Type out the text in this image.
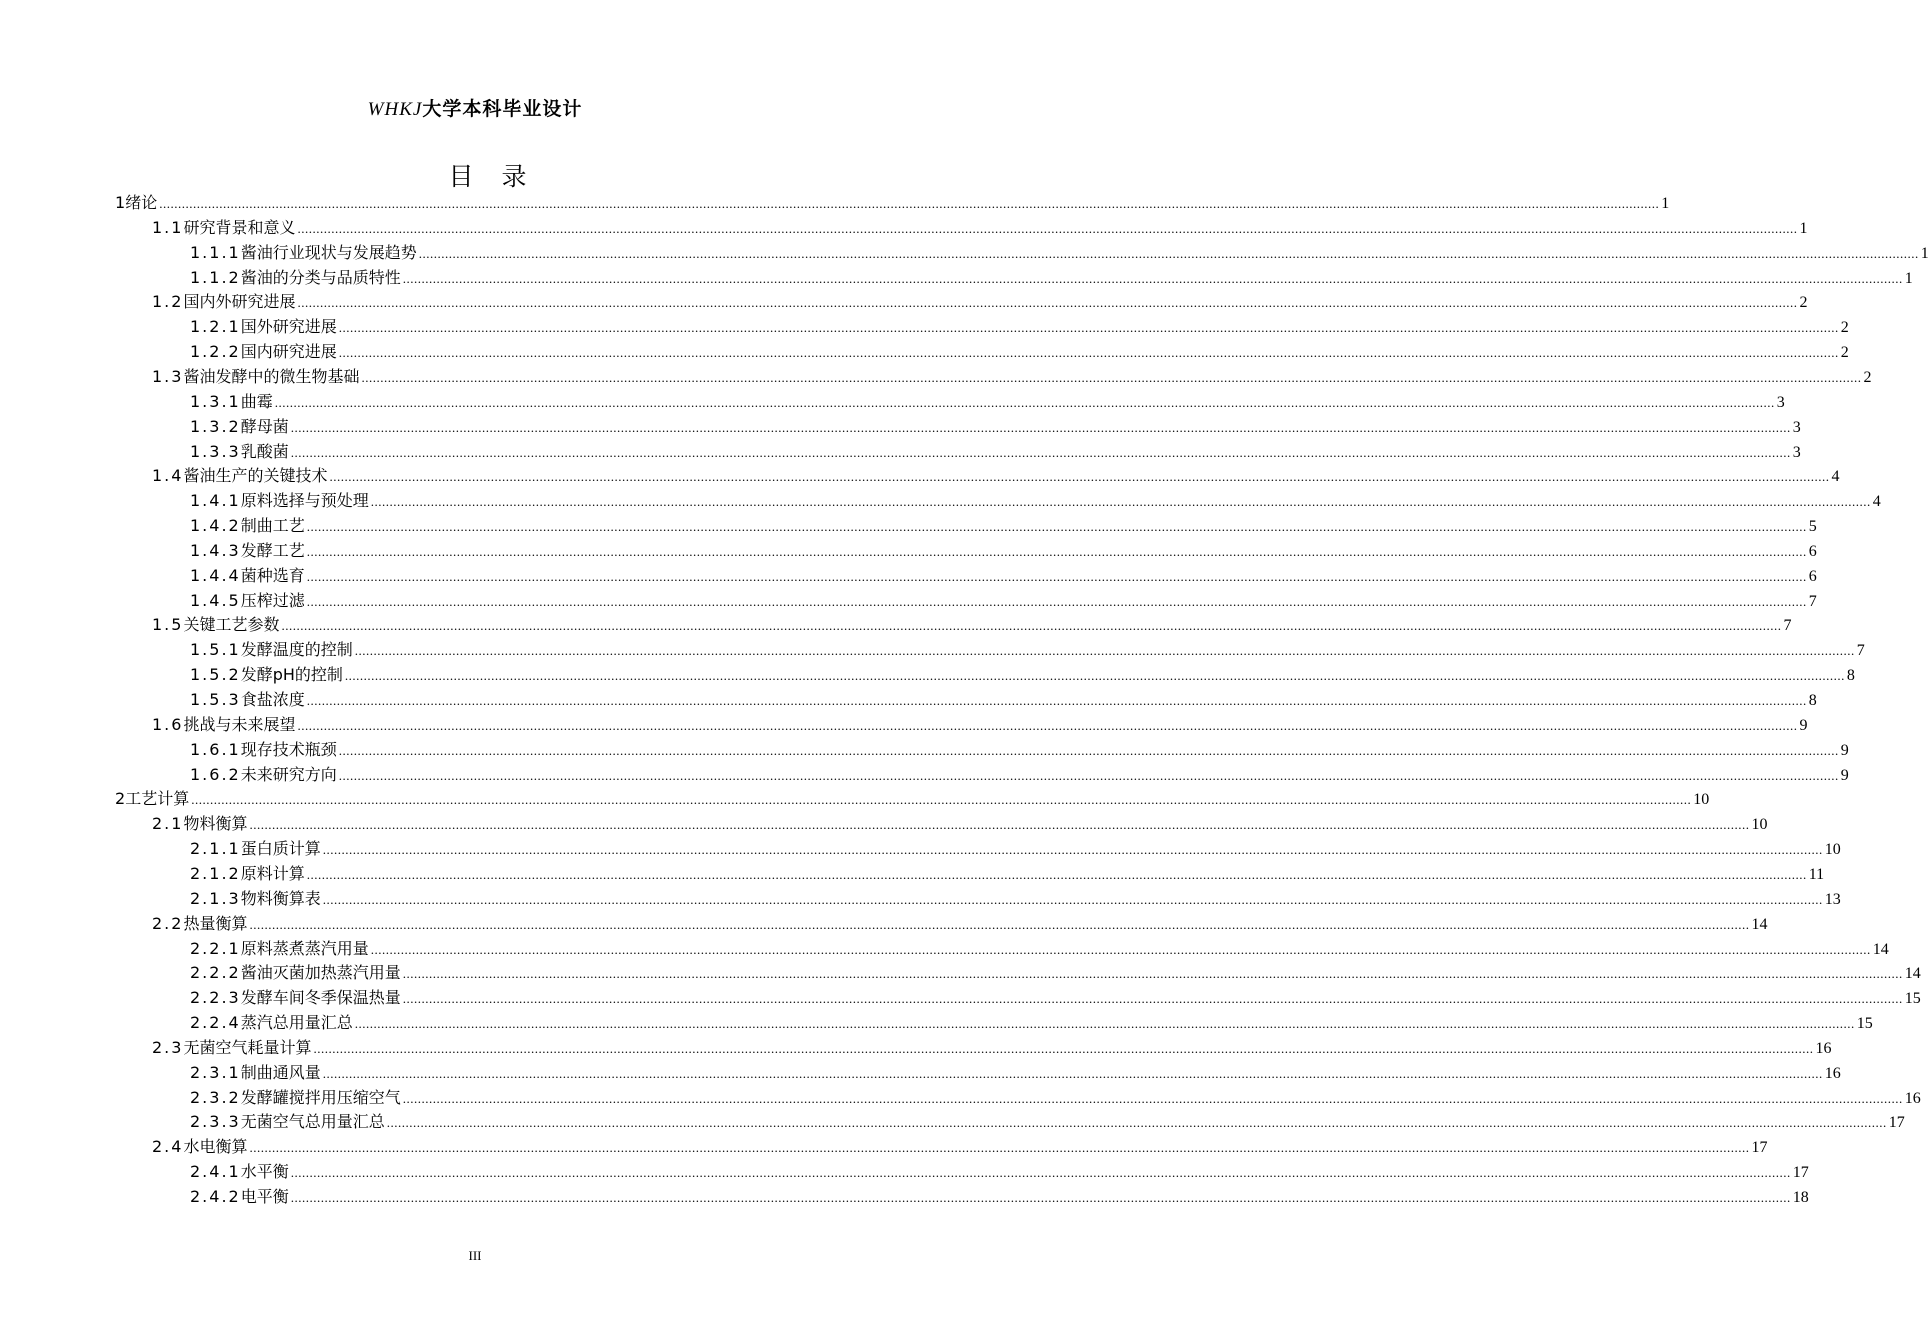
WHKJ大学本科毕业设计
目 录
1 绪论 ................................................................................................................................................................................................................................................................................................................................................................................................................ 1
1.1 研究背景和意义 ................................................................................................................................................................................................................................................................................................................................................................................................................ 1
1.1.1 酱油行业现状与发展趋势 ................................................................................................................................................................................................................................................................................................................................................................................................................ 1
1.1.2 酱油的分类与品质特性 ................................................................................................................................................................................................................................................................................................................................................................................................................ 1
1.2 国内外研究进展 ................................................................................................................................................................................................................................................................................................................................................................................................................ 2
1.2.1 国外研究进展 ................................................................................................................................................................................................................................................................................................................................................................................................................ 2
1.2.2 国内研究进展 ................................................................................................................................................................................................................................................................................................................................................................................................................ 2
1.3 酱油发酵中的微生物基础 ................................................................................................................................................................................................................................................................................................................................................................................................................ 2
1.3.1 曲霉 ................................................................................................................................................................................................................................................................................................................................................................................................................ 3
1.3.2 酵母菌 ................................................................................................................................................................................................................................................................................................................................................................................................................ 3
1.3.3 乳酸菌 ................................................................................................................................................................................................................................................................................................................................................................................................................ 3
1.4 酱油生产的关键技术 ................................................................................................................................................................................................................................................................................................................................................................................................................ 4
1.4.1 原料选择与预处理 ................................................................................................................................................................................................................................................................................................................................................................................................................ 4
1.4.2 制曲工艺 ................................................................................................................................................................................................................................................................................................................................................................................................................ 5
1.4.3 发酵工艺 ................................................................................................................................................................................................................................................................................................................................................................................................................ 6
1.4.4 菌种选育 ................................................................................................................................................................................................................................................................................................................................................................................................................ 6
1.4.5 压榨过滤 ................................................................................................................................................................................................................................................................................................................................................................................................................ 7
1.5 关键工艺参数 ................................................................................................................................................................................................................................................................................................................................................................................................................ 7
1.5.1 发酵温度的控制 ................................................................................................................................................................................................................................................................................................................................................................................................................ 7
1.5.2 发酵pH的控制 ................................................................................................................................................................................................................................................................................................................................................................................................................ 8
1.5.3 食盐浓度 ................................................................................................................................................................................................................................................................................................................................................................................................................ 8
1.6 挑战与未来展望 ................................................................................................................................................................................................................................................................................................................................................................................................................ 9
1.6.1 现存技术瓶颈 ................................................................................................................................................................................................................................................................................................................................................................................................................ 9
1.6.2 未来研究方向 ................................................................................................................................................................................................................................................................................................................................................................................................................ 9
2 工艺计算 ................................................................................................................................................................................................................................................................................................................................................................................................................ 10
2.1 物料衡算 ................................................................................................................................................................................................................................................................................................................................................................................................................ 10
2.1.1 蛋白质计算 ................................................................................................................................................................................................................................................................................................................................................................................................................ 10
2.1.2 原料计算 ................................................................................................................................................................................................................................................................................................................................................................................................................ 11
2.1.3 物料衡算表 ................................................................................................................................................................................................................................................................................................................................................................................................................ 13
2.2 热量衡算 ................................................................................................................................................................................................................................................................................................................................................................................................................ 14
2.2.1 原料蒸煮蒸汽用量 ................................................................................................................................................................................................................................................................................................................................................................................................................ 14
2.2.2 酱油灭菌加热蒸汽用量 ................................................................................................................................................................................................................................................................................................................................................................................................................ 14
2.2.3 发酵车间冬季保温热量 ................................................................................................................................................................................................................................................................................................................................................................................................................ 15
2.2.4 蒸汽总用量汇总 ................................................................................................................................................................................................................................................................................................................................................................................................................ 15
2.3 无菌空气耗量计算 ................................................................................................................................................................................................................................................................................................................................................................................................................ 16
2.3.1 制曲通风量 ................................................................................................................................................................................................................................................................................................................................................................................................................ 16
2.3.2 发酵罐搅拌用压缩空气 ................................................................................................................................................................................................................................................................................................................................................................................................................ 16
2.3.3 无菌空气总用量汇总 ................................................................................................................................................................................................................................................................................................................................................................................................................ 17
2.4 水电衡算 ................................................................................................................................................................................................................................................................................................................................................................................................................ 17
2.4.1 水平衡 ................................................................................................................................................................................................................................................................................................................................................................................................................ 17
2.4.2 电平衡 ................................................................................................................................................................................................................................................................................................................................................................................................................ 18
III
